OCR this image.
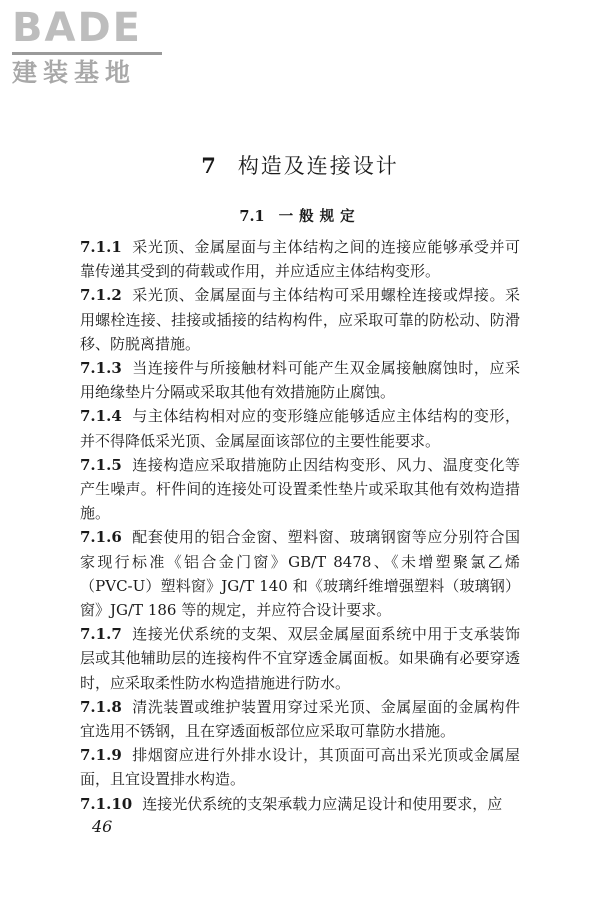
BADE
建装基地
7 构造及连接设计
7.1 一般规定

7.1.1 采光顶、金属屋面与主体结构之间的连接应能够承受并可靠传递其受到的荷载或作用，并应适应主体结构变形。

7.1.2 采光顶、金属屋面与主体结构可采用螺栓连接或焊接。采用螺栓连接、挂接或插接的结构构件，应采取可靠的防松动、防滑移、防脱离措施。

7.1.3 当连接件与所接触材料可能产生双金属接触腐蚀时，应采用绝缘垫片分隔或采取其他有效措施防止腐蚀。

7.1.4 与主体结构相对应的变形缝应能够适应主体结构的变形，并不得降低采光顶、金属屋面该部位的主要性能要求。

7.1.5 连接构造应采取措施防止因结构变形、风力、温度变化等产生噪声。杆件间的连接处可设置柔性垫片或采取其他有效构造措施。

7.1.6 配套使用的铝合金窗、塑料窗、玻璃钢窗等应分别符合国家现行标准《铝合金门窗》GB/T 8478、《未增塑聚氯乙烯（PVC-U）塑料窗》JG/T 140 和《玻璃纤维增强塑料（玻璃钢）窗》JG/T 186 等的规定，并应符合设计要求。

7.1.7 连接光伏系统的支架、双层金属屋面系统中用于支承装饰层或其他辅助层的连接构件不宜穿透金属面板。如果确有必要穿透时，应采取柔性防水构造措施进行防水。

7.1.8 清洗装置或维护装置用穿过采光顶、金属屋面的金属构件宜选用不锈钢，且在穿透面板部位应采取可靠防水措施。

7.1.9 排烟窗应进行外排水设计，其顶面可高出采光顶或金属屋面，且宜设置排水构造。

7.1.10 连接光伏系统的支架承载力应满足设计和使用要求，应

46
